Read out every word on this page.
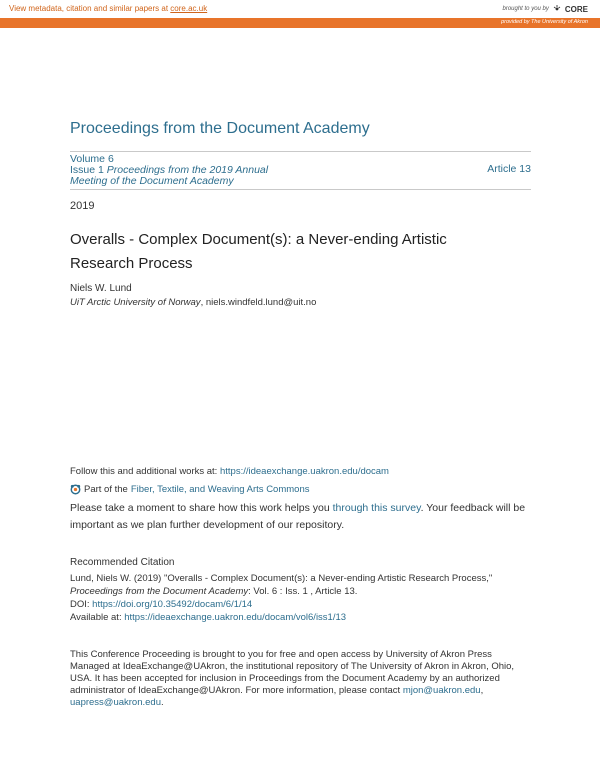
View metadata, citation and similar papers at core.ac.uk	brought to you by CORE
provided by The University of Akron
Proceedings from the Document Academy
Volume 6
Issue 1 Proceedings from the 2019 Annual
Meeting of the Document Academy
Article 13
2019
Overalls - Complex Document(s): a Never-ending Artistic Research Process
Niels W. Lund
UiT Arctic University of Norway, niels.windfeld.lund@uit.no
Follow this and additional works at: https://ideaexchange.uakron.edu/docam
Part of the Fiber, Textile, and Weaving Arts Commons
Please take a moment to share how this work helps you through this survey. Your feedback will be important as we plan further development of our repository.
Recommended Citation
Lund, Niels W. (2019) "Overalls - Complex Document(s): a Never-ending Artistic Research Process,"
Proceedings from the Document Academy: Vol. 6 : Iss. 1 , Article 13.
DOI: https://doi.org/10.35492/docam/6/1/14
Available at: https://ideaexchange.uakron.edu/docam/vol6/iss1/13
This Conference Proceeding is brought to you for free and open access by University of Akron Press Managed at IdeaExchange@UAkron, the institutional repository of The University of Akron in Akron, Ohio, USA. It has been accepted for inclusion in Proceedings from the Document Academy by an authorized administrator of IdeaExchange@UAkron. For more information, please contact mjon@uakron.edu, uapress@uakron.edu.
